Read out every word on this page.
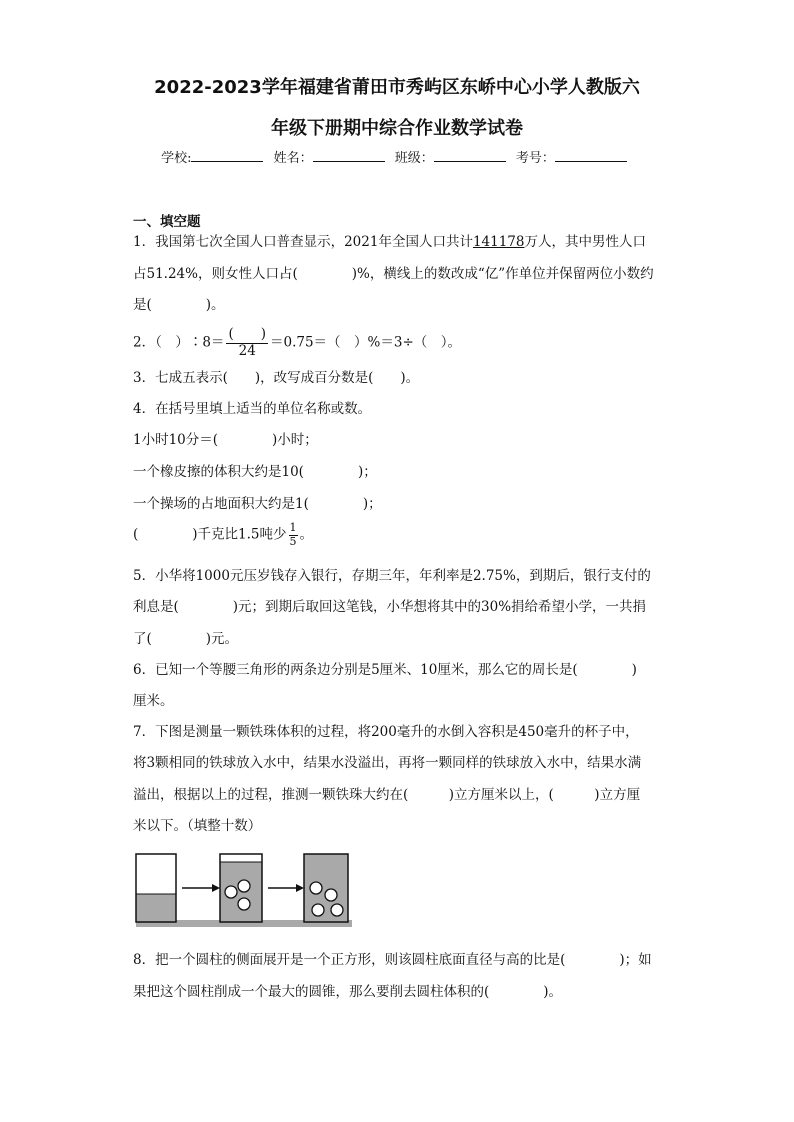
2022-2023学年福建省莆田市秀屿区东峤中心小学人教版六
年级下册期中综合作业数学试卷
学校:	姓名：	班级：	考号：
一、填空题
1．我国第七次全国人口普查显示，2021年全国人口共计141178万人，其中男性人口
占51.24%，则女性人口占(　　　　)%，横线上的数改成“亿”作单位并保留两位小数约
是(　　　　)。
2．（　）∶8＝ $\frac{( )}{24} =0.75=$（　）%＝3÷（　）。
3．七成五表示(　　)，改写成百分数是(　　)。
4．在括号里填上适当的单位名称或数。
1小时10分＝(　　　　)小时；
一个橡皮擦的体积大约是10(　　　　)；
一个操场的占地面积大约是1(　　　　)；
(　　　　)千克比1.5吨少 $\frac{1}{5}$ 。
5．小华将1000元压岁钱存入银行，存期三年，年利率是2.75%，到期后，银行支付的
利息是(　　　　)元；到期后取回这笔钱，小华想将其中的30%捐给希望小学，一共捐
了(　　　　)元。
6．已知一个等腰三角形的两条边分别是5厘米、10厘米，那么它的周长是(　　　　)
厘米。
7．下图是测量一颗铁珠体积的过程，将200毫升的水倒入容积是450毫升的杯子中，
将3颗相同的铁球放入水中，结果水没溢出，再将一颗同样的铁球放入水中，结果水满
溢出，根据以上的过程，推测一颗铁珠大约在(　　　)立方厘米以上，(　　　)立方厘
米以下。（填整十数）
8．把一个圆柱的侧面展开是一个正方形，则该圆柱底面直径与高的比是(　　　　)；如
果把这个圆柱削成一个最大的圆锥，那么要削去圆柱体积的(　　　　)。
